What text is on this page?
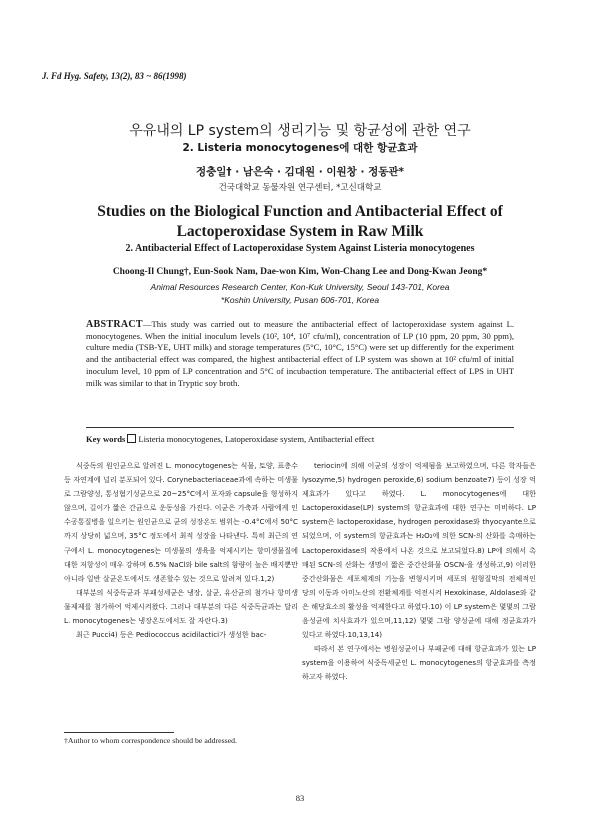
J. Fd Hyg. Safety, 13(2), 83 ~ 86(1998)
우유내의 LP system의 생리기능 및 항균성에 관한 연구
2. Listeria monocytogenes에 대한 항균효과
정충일† · 남은숙 · 김대원 · 이원창 · 정동관*
건국대학교 동물자원 연구센터, *고신대학교
Studies on the Biological Function and Antibacterial Effect of Lactoperoxidase System in Raw Milk
2. Antibacterial Effect of Lactoperoxidase System Against Listeria monocytogenes
Choong-Il Chung†, Eun-Sook Nam, Dae-won Kim, Won-Chang Lee and Dong-Kwan Jeong*
Animal Resources Research Center, Kon-Kuk University, Seoul 143-701, Korea
*Koshin University, Pusan 606-701, Korea
ABSTRACT—This study was carried out to measure the antibacterial effect of lactoperoxidase system against L. monocytogenes. When the initial inoculum levels (10², 10⁴, 10⁷ cfu/ml), concentration of LP (10 ppm, 20 ppm, 30 ppm), culture media (TSB-YE, UHT milk) and storage temperatures (5°C, 10°C, 15°C) were set up differently for the experiment and the antibacterial effect was compared, the highest antibacterial effect of LP system was shown at 10² cfu/ml of initial inoculum level, 10 ppm of LP concentration and 5°C of incubaction temperature. The antibacterial effect of LPS in UHT milk was similar to that in Tryptic soy broth.
Key words Listeria monocytogenes, Latoperoxidase system, Antibacterial effect

식중독의 원인균으로 알려진 L. monocytogenes는 식물, 토양, 표층수 등 자연계에 널리 분포되어 있다. Corynebacteriaceae과에 속하는 미생물로 그람양성, 통성혐기성균으로 20~25°C에서 포자와 capsule을 형성하지 않으며, 길이가 짧은 간균으로 운동성을 가진다. 이균은 가축과 사람에게 인수공통질병을 일으키는 원인균으로 균의 성장온도 범위는 -0.4°C에서 50°C까지 상당히 넓으며, 35°C 정도에서 최적 성장을 나타낸다. 특히 최근의 연구에서 L. monocytogenes는 미생물의 생육을 억제시키는 항미생물질에 대한 저항성이 매우 강하며 6.5% NaCl와 bile salt의 함량이 높은 배지뿐만 아니라 일반 살균온도에서도 생존할수 있는 것으로 알려져 있다.1,2)

대부분의 식중독균과 부패성세균은 냉장, 살균, 유산균의 첨가나 항미생물제제를 첨가하여 억제시켜왔다. 그러나 대부분의 다른 식중독균과는 달리 L. monocytogenes는 냉장온도에서도 잘 자란다.3)

최근 Pucci4) 등은 Pediococcus acidilactici가 생성한 bac-

teriocin에 의해 이균의 성장이 억제됨을 보고하였으며, 다른 학자들은 lysozyme,5) hydrogen peroxide,6) sodium benzoate7) 등이 성장 억제효과가 있다고 하였다. L. monocytogenes에 대한 Lactoperoxidase(LP) system의 항균효과에 대한 연구는 미비하다. LP system은 lactoperoxidase, hydrogen peroxidase와 thyocyante으로 되었으며, 이 system의 항균효과는 H₂O₂에 의한 SCN-의 산화를 촉매하는 Lactoperoxidase의 작용에서 나온 것으로 보고되었다.8) LP에 의해서 촉매된 SCN-의 산화는 생명이 짧은 중간산화물 OSCN-을 생성하고,9) 이러한 중간산화물은 세포체계의 기능을 변형시키며 세포의 원형질막의 전체적인 당의 이동과 아미노산의 전환체계를 억전시켜 Hexokinase, Aldolase와 같은 해당효소의 활성을 억제한다고 하였다.10) 이 LP system은 몇몇의 그람음성균에 치사효과가 있으며,11,12) 몇몇 그람 양성균에 대해 정균효과가 있다고 하였다.10,13,14)

따라서 본 연구에서는 병원성균이나 부패균에 대해 항균효과가 있는 LP system을 이용하여 식중독세균인 L. monocytogenes의 항균효과를 측정하고자 하였다.

†Author to whom correspondence should be addressed.
83
